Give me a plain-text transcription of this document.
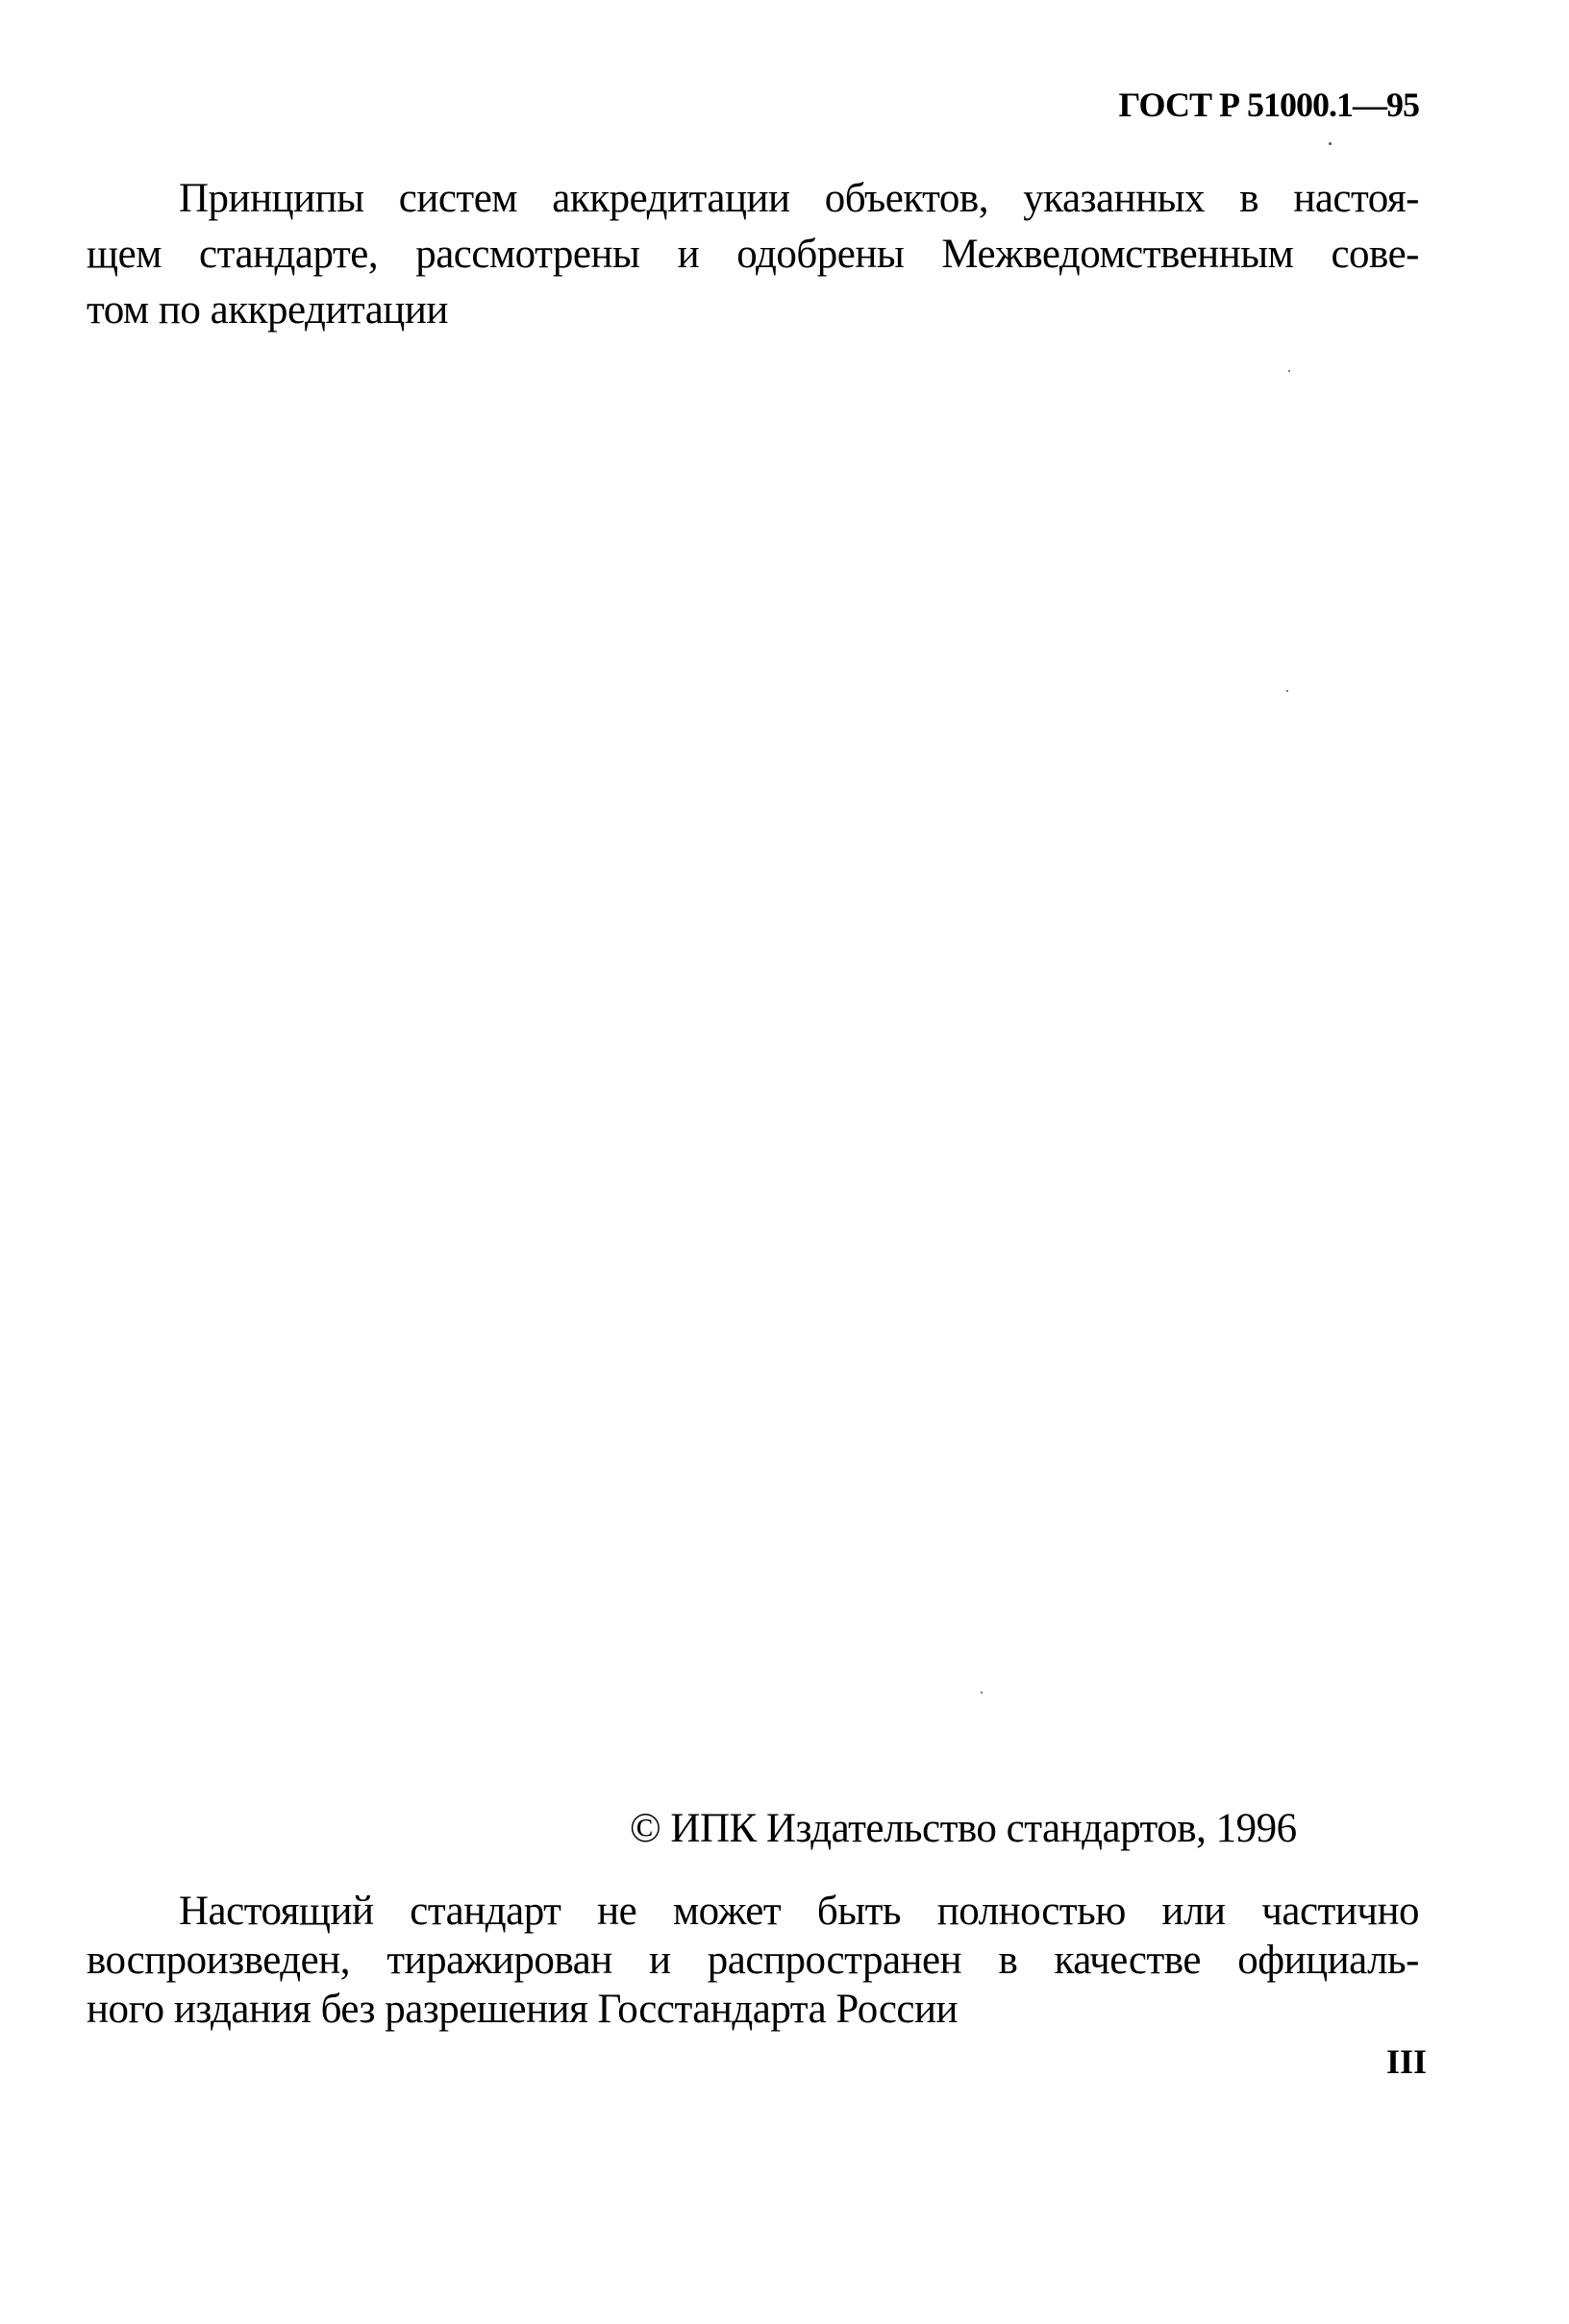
ГОСТ Р 51000.1—95
Принципы систем аккредитации объектов, указанных в настоя-
щем стандарте, рассмотрены и одобрены Межведомственным сове-
том по аккредитации
© ИПК Издательство стандартов, 1996
Настоящий стандарт не может быть полностью или частично
воспроизведен, тиражирован и распространен в качестве официаль-
ного издания без разрешения Госстандарта России
III
